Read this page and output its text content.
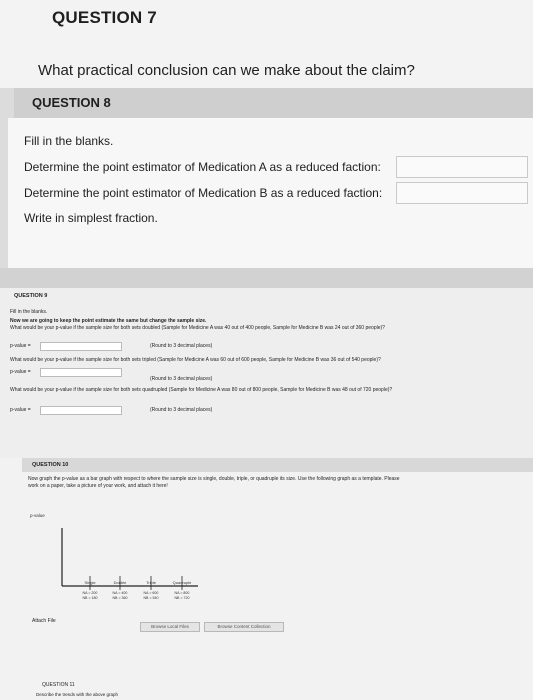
QUESTION 7
What practical conclusion can we make about the claim?
QUESTION 8
Fill in the blanks.
Determine the point estimator of Medication A as a reduced faction:
Determine the point estimator of Medication B as a reduced faction:
Write in simplest fraction.
QUESTION 9
Fill in the blanks.
Now we are going to keep the point estimate the same but change the sample size.
What would be your p-value if the sample size for both sets doubled (Sample for Medicine A was 40 out of 400 people, Sample for Medicine B was 24 out of 360 people)?
p-value =	(Round to 3 decimal places)
What would be your p-value if the sample size for both sets tripled (Sample for Medicine A was 60 out of 600 people, Sample for Medicine B was 36 out of 540 people)?
p-value =
(Round to 3 decimal places)
What would be your p-value if the sample size for both sets quadrupled (Sample for Medicine A was 80 out of 800 people, Sample for Medicine B was 48 out of 720 people)?
p-value =	(Round to 3 decimal places)
QUESTION 10
Now graph the p-value as a bar graph with respect to where the sample size is single, double, triple, or quadruple its size. Use the following graph as a template. Please
work on a paper, take a picture of your work, and attach it here!
p-value
Single	Double	Triple	Quadruple
NA = 200
NB = 180
NA = 400
NB = 360
NA = 600
NB = 540
NA = 800
NB = 720
Attach File
Browse Local Files	Browse Content Collection
QUESTION 11
Describe the trends with the above graph
